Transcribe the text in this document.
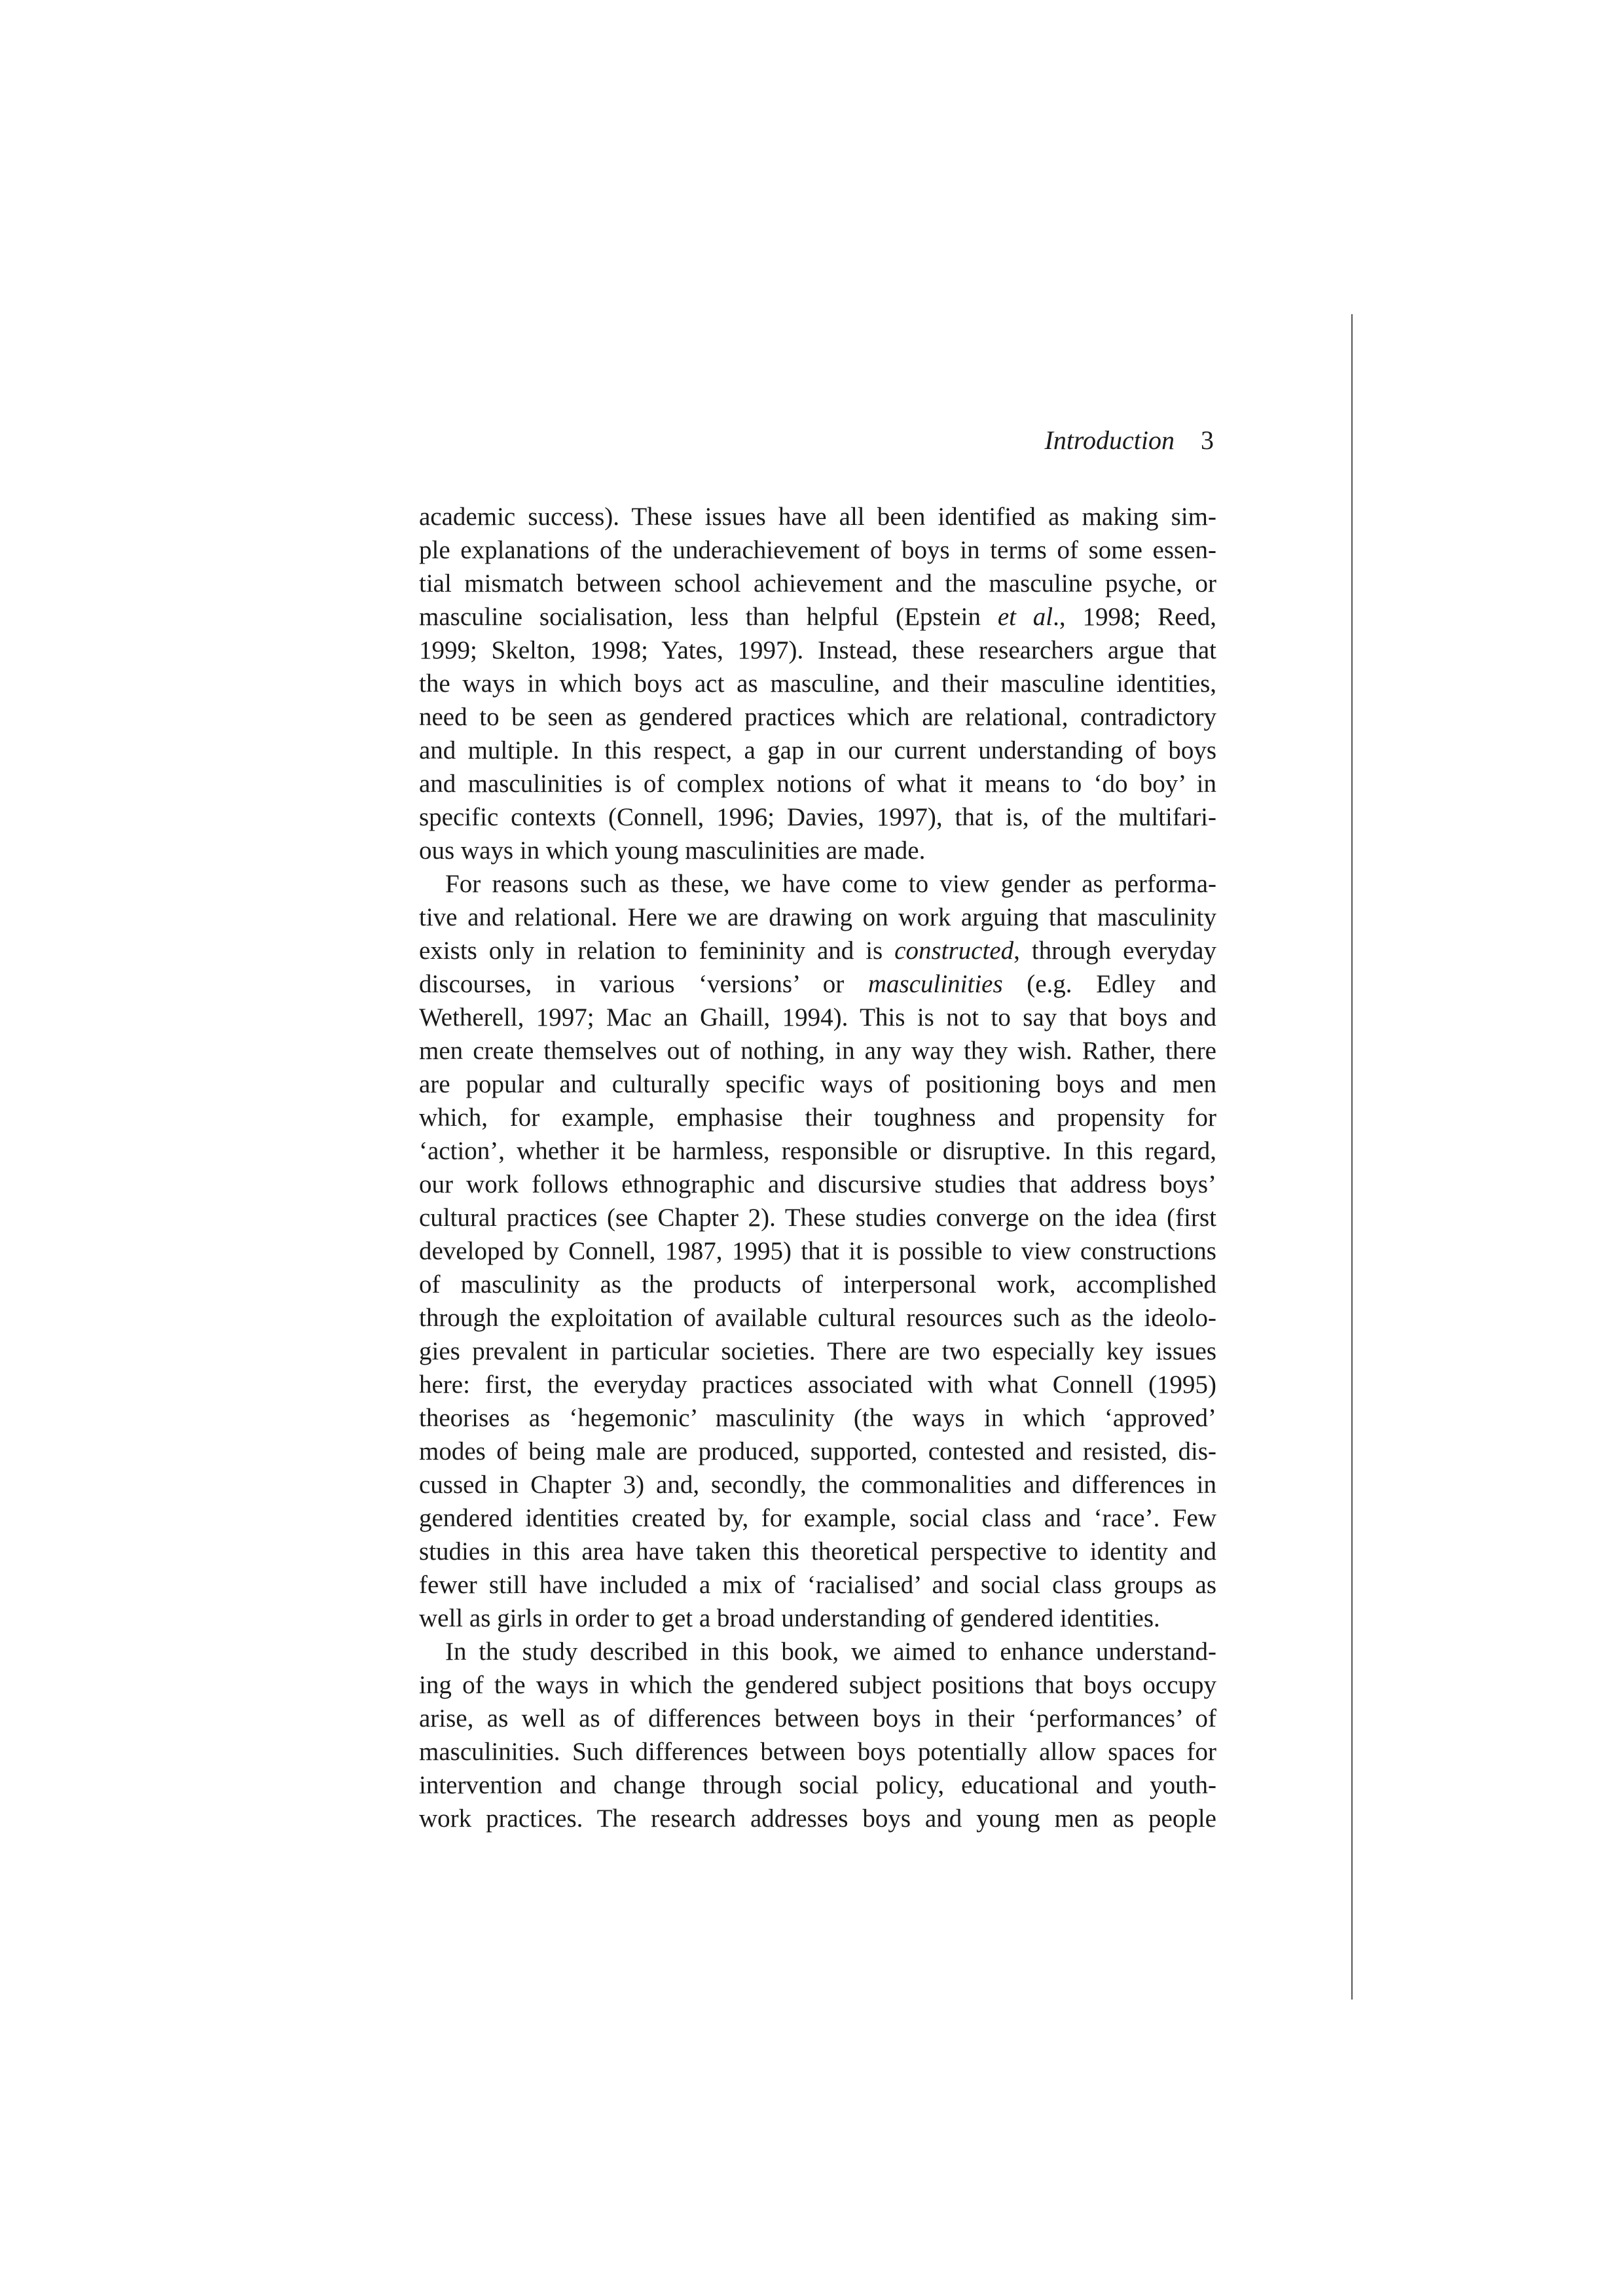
Introduction 3
academic success). These issues have all been identified as making sim-
ple explanations of the underachievement of boys in terms of some essen-
tial mismatch between school achievement and the masculine psyche, or
masculine socialisation, less than helpful (Epstein et al., 1998; Reed,
1999; Skelton, 1998; Yates, 1997). Instead, these researchers argue that
the ways in which boys act as masculine, and their masculine identities,
need to be seen as gendered practices which are relational, contradictory
and multiple. In this respect, a gap in our current understanding of boys
and masculinities is of complex notions of what it means to ‘do boy’ in
specific contexts (Connell, 1996; Davies, 1997), that is, of the multifari-
ous ways in which young masculinities are made.
For reasons such as these, we have come to view gender as performa-
tive and relational. Here we are drawing on work arguing that masculinity
exists only in relation to femininity and is constructed, through everyday
discourses, in various ‘versions’ or masculinities (e.g. Edley and
Wetherell, 1997; Mac an Ghaill, 1994). This is not to say that boys and
men create themselves out of nothing, in any way they wish. Rather, there
are popular and culturally specific ways of positioning boys and men
which, for example, emphasise their toughness and propensity for
‘action’, whether it be harmless, responsible or disruptive. In this regard,
our work follows ethnographic and discursive studies that address boys’
cultural practices (see Chapter 2). These studies converge on the idea (first
developed by Connell, 1987, 1995) that it is possible to view constructions
of masculinity as the products of interpersonal work, accomplished
through the exploitation of available cultural resources such as the ideolo-
gies prevalent in particular societies. There are two especially key issues
here: first, the everyday practices associated with what Connell (1995)
theorises as ‘hegemonic’ masculinity (the ways in which ‘approved’
modes of being male are produced, supported, contested and resisted, dis-
cussed in Chapter 3) and, secondly, the commonalities and differences in
gendered identities created by, for example, social class and ‘race’. Few
studies in this area have taken this theoretical perspective to identity and
fewer still have included a mix of ‘racialised’ and social class groups as
well as girls in order to get a broad understanding of gendered identities.
In the study described in this book, we aimed to enhance understand-
ing of the ways in which the gendered subject positions that boys occupy
arise, as well as of differences between boys in their ‘performances’ of
masculinities. Such differences between boys potentially allow spaces for
intervention and change through social policy, educational and youth-
work practices. The research addresses boys and young men as people
